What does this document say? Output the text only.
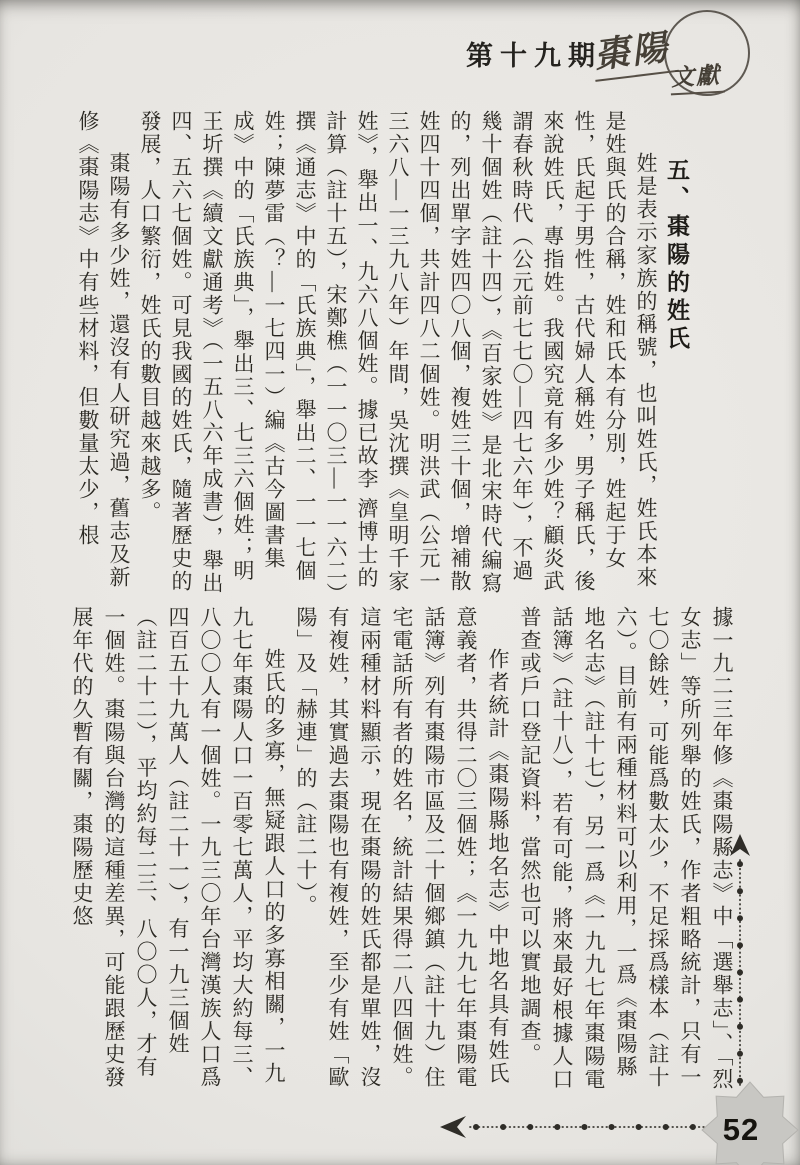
第十九期
棗陽
文獻

五、棗陽的姓氏

姓是表示家族的稱號，也叫姓氏，姓氏本來是姓與氏的合稱，姓和氏本有分別，姓起于女性，氏起于男性，古代婦人稱姓，男子稱氏，後來說姓氏，專指姓。我國究竟有多少姓？顧炎武謂春秋時代（公元前七七〇—四七六年），不過幾十個姓（註十四），《百家姓》是北宋時代編寫的，列出單字姓四〇八個，複姓三十個，增補散姓四十四個，共計四八二個姓。明洪武（公元一三六八—一三九八年）年間，吳沈撰《皇明千家姓》，舉出一、九六八個姓。據已故李 濟博士的計算（註十五），宋鄭樵（一一〇三—一一六二）撰《通志》中的「氏族典」，舉出二、一一七個姓；陳夢雷（？—一七四一）編《古今圖書集成》中的「氏族典」，舉出三、七三六個姓；明王圻撰《續文獻通考》（一五八六年成書），舉出四、五六七個姓。可見我國的姓氏，隨著歷史的發展，人口繁衍，姓氏的數目越來越多。

棗陽有多少姓，還沒有人研究過，舊志及新修《棗陽志》中有些材料，但數量太少，根

據一九二三年修《棗陽縣志》中「選舉志」、「烈女志」等所列舉的姓氏，作者粗略統計，只有一七〇餘姓，可能爲數太少，不足採爲樣本（註十六）。目前有兩種材料可以利用，一爲《棗陽縣地名志》（註十七），另一爲《一九九七年棗陽電話簿》（註十八），若有可能，將來最好根據人口普查或戶口登記資料，當然也可以實地調查。

作者統計《棗陽縣地名志》中地名具有姓氏意義者，共得二〇三個姓；《一九九七年棗陽電話簿》列有棗陽市區及二十個鄉鎮（註十九）住宅電話所有者的姓名，統計結果得二八四個姓。這兩種材料顯示，現在棗陽的姓氏都是單姓，沒有複姓，其實過去棗陽也有複姓，至少有姓「歐陽」及「赫連」的（註二十）。

姓氏的多寡，無疑跟人口的多寡相關，一九九七年棗陽人口一百零七萬人，平均大約每三、八〇〇人有一個姓。一九三〇年台灣漢族人口爲四百五十九萬人（註二十一），有一九三個姓（註二十二），平均約每二三、八〇〇人，才有一個姓。棗陽與台灣的這種差異，可能跟歷史發展年代的久暫有關，棗陽歷史悠

52
